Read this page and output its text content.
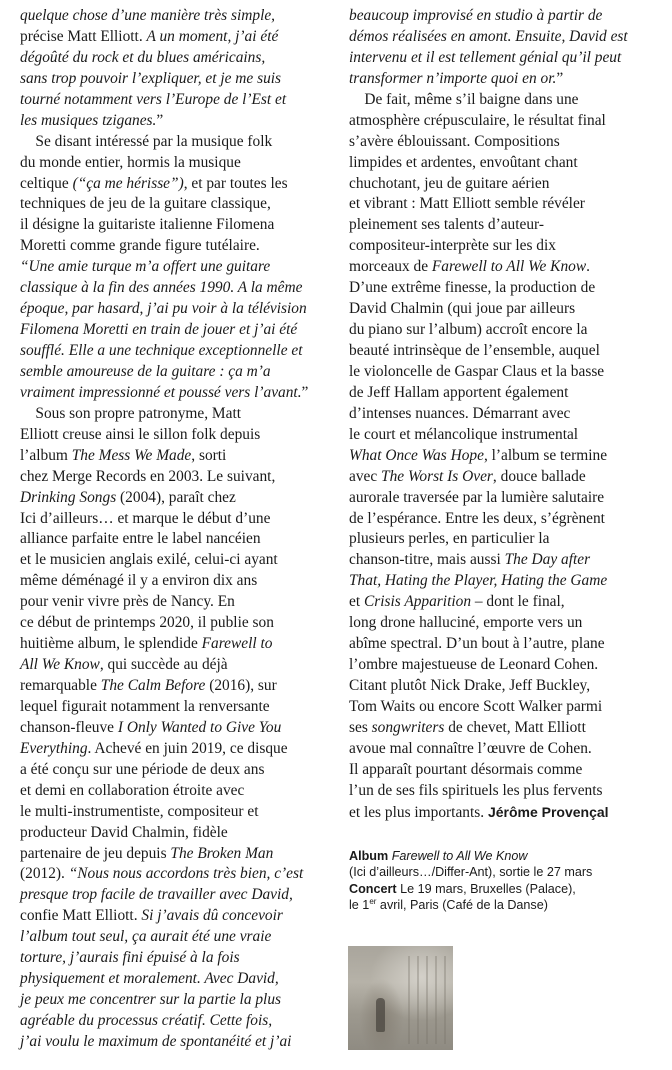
quelque chose d’une manière très simple,
précise Matt Elliott. A un moment, j’ai été
dégoûté du rock et du blues américains,
sans trop pouvoir l’expliquer, et je me suis
tourné notamment vers l’Europe de l’Est et
les musiques tziganes.”
Se disant intéressé par la musique folk
du monde entier, hormis la musique
celtique (“ça me hérisse”), et par toutes les
techniques de jeu de la guitare classique,
il désigne la guitariste italienne Filomena
Moretti comme grande figure tutélaire.
“Une amie turque m’a offert une guitare
classique à la fin des années 1990. A la même
époque, par hasard, j’ai pu voir à la télévision
Filomena Moretti en train de jouer et j’ai été
soufflé. Elle a une technique exceptionnelle et
semble amoureuse de la guitare : ça m’a
vraiment impressionné et poussé vers l’avant.”
Sous son propre patronyme, Matt
Elliott creuse ainsi le sillon folk depuis
l’album The Mess We Made, sorti
chez Merge Records en 2003. Le suivant,
Drinking Songs (2004), paraît chez
Ici d’ailleurs… et marque le début d’une
alliance parfaite entre le label nancéien
et le musicien anglais exilé, celui-ci ayant
même déménagé il y a environ dix ans
pour venir vivre près de Nancy. En
ce début de printemps 2020, il publie son
huitième album, le splendide Farewell to
All We Know, qui succède au déjà
remarquable The Calm Before (2016), sur
lequel figurait notamment la renversante
chanson-fleuve I Only Wanted to Give You
Everything. Achevé en juin 2019, ce disque
a été conçu sur une période de deux ans
et demi en collaboration étroite avec
le multi-instrumentiste, compositeur et
producteur David Chalmin, fidèle
partenaire de jeu depuis The Broken Man
(2012). “Nous nous accordons très bien, c’est
presque trop facile de travailler avec David,
confie Matt Elliott. Si j’avais dû concevoir
l’album tout seul, ça aurait été une vraie
torture, j’aurais fini épuisé à la fois
physiquement et moralement. Avec David,
je peux me concentrer sur la partie la plus
agréable du processus créatif. Cette fois,
j’ai voulu le maximum de spontanéité et j’ai
beaucoup improvisé en studio à partir de
démos réalisées en amont. Ensuite, David est
intervenu et il est tellement génial qu’il peut
transformer n’importe quoi en or.”
De fait, même s’il baigne dans une
atmosphère crépusculaire, le résultat final
s’avère éblouissant. Compositions
limpides et ardentes, envoûtant chant
chuchotant, jeu de guitare aérien
et vibrant : Matt Elliott semble révéler
pleinement ses talents d’auteur-
compositeur-interprète sur les dix
morceaux de Farewell to All We Know.
D’une extrême finesse, la production de
David Chalmin (qui joue par ailleurs
du piano sur l’album) accroît encore la
beauté intrinsèque de l’ensemble, auquel
le violoncelle de Gaspar Claus et la basse
de Jeff Hallam apportent également
d’intenses nuances. Démarrant avec
le court et mélancolique instrumental
What Once Was Hope, l’album se termine
avec The Worst Is Over, douce ballade
aurorale traversée par la lumière salutaire
de l’espérance. Entre les deux, s’égrènent
plusieurs perles, en particulier la
chanson-titre, mais aussi The Day after
That, Hating the Player, Hating the Game
et Crisis Apparition – dont le final,
long drone halluciné, emporte vers un
abîme spectral. D’un bout à l’autre, plane
l’ombre majestueuse de Leonard Cohen.
Citant plutôt Nick Drake, Jeff Buckley,
Tom Waits ou encore Scott Walker parmi
ses songwriters de chevet, Matt Elliott
avoue mal connaître l’œuvre de Cohen.
Il apparaît pourtant désormais comme
l’un de ses fils spirituels les plus fervents
et les plus importants. Jérôme Provençal
Album Farewell to All We Know
(Ici d’ailleurs…/Differ-Ant), sortie le 27 mars
Concert Le 19 mars, Bruxelles (Palace),
le 1er avril, Paris (Café de la Danse)
